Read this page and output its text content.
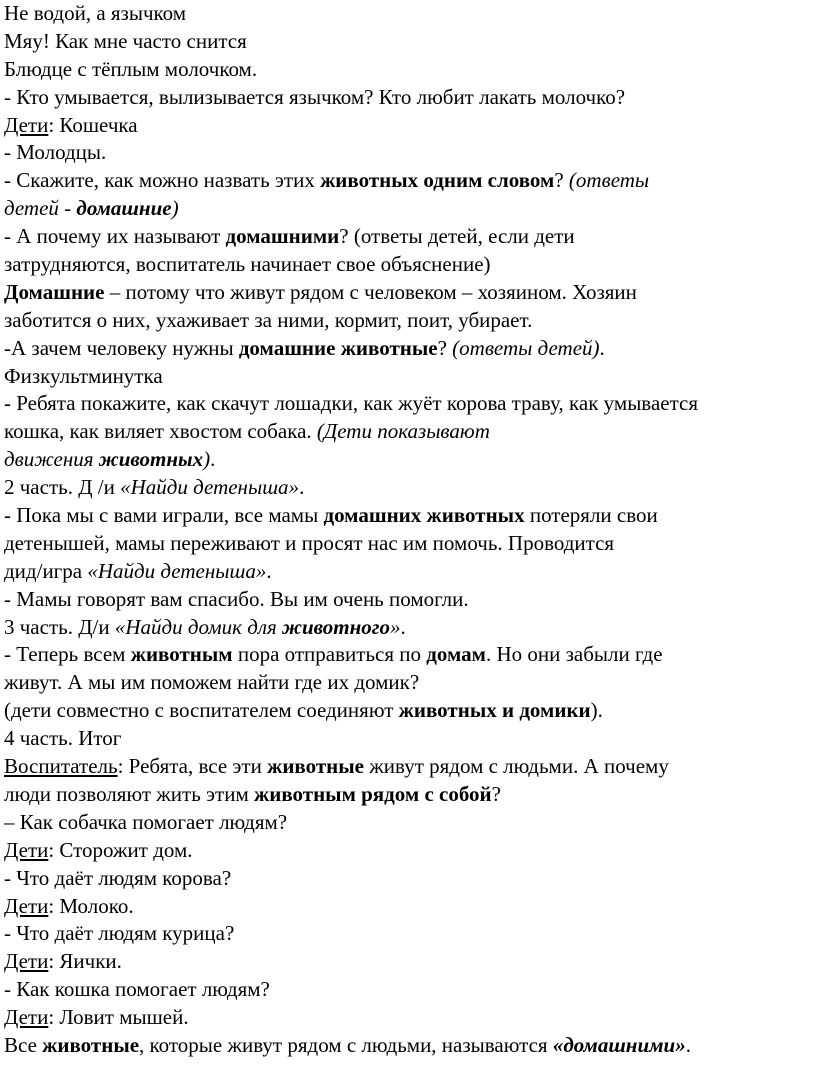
Не водой, а язычком
Мяу! Как мне часто снится
Блюдце с тёплым молочком.
- Кто умывается, вылизывается язычком? Кто любит лакать молочко?
Дети: Кошечка
- Молодцы.
- Скажите, как можно назвать этих животных одним словом? (ответы
детей - домашние)
- А почему их называют домашними? (ответы детей, если дети
затрудняются, воспитатель начинает свое объяснение)
Домашние – потому что живут рядом с человеком – хозяином. Хозяин
заботится о них, ухаживает за ними, кормит, поит, убирает.
-А зачем человеку нужны домашние животные? (ответы детей).
Физкультминутка
- Ребята покажите, как скачут лошадки, как жуёт корова траву, как умывается
кошка, как виляет хвостом собака. (Дети показывают
движения животных).
2 часть. Д /и «Найди детеныша».
- Пока мы с вами играли, все мамы домашних животных потеряли свои
детенышей, мамы переживают и просят нас им помочь. Проводится
дид/игра «Найди детеныша».
- Мамы говорят вам спасибо. Вы им очень помогли.
3 часть. Д/и «Найди домик для животного».
- Теперь всем животным пора отправиться по домам. Но они забыли где
живут. А мы им поможем найти где их домик?
(дети совместно с воспитателем соединяют животных и домики).
4 часть. Итог
Воспитатель: Ребята, все эти животные живут рядом с людьми. А почему
люди позволяют жить этим животным рядом с собой?
– Как собачка помогает людям?
Дети: Сторожит дом.
- Что даёт людям корова?
Дети: Молоко.
- Что даёт людям курица?
Дети: Яички.
- Как кошка помогает людям?
Дети: Ловит мышей.
Все животные, которые живут рядом с людьми, называются «домашними».
